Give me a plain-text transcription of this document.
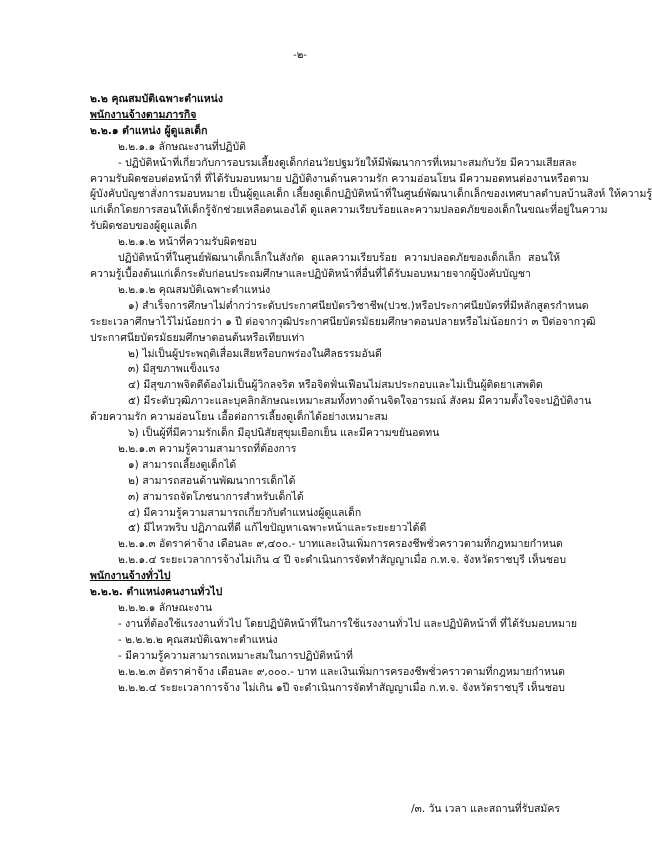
-๒-
๒.๒ คุณสมบัติเฉพาะตำแหน่ง
พนักงานจ้างตามภารกิจ
๒.๒.๑ ตำแหน่ง ผู้ดูแลเด็ก
๒.๒.๑.๑ ลักษณะงานที่ปฏิบัติ
- ปฏิบัติหน้าที่เกี่ยวกับการอบรมเลี้ยงดูเด็กก่อนวัยปฐมวัยให้มีพัฒนาการที่เหมาะสมกับวัย มีความเสียสละ
ความรับผิดชอบต่อหน้าที่ ที่ได้รับมอบหมาย ปฏิบัติงานด้านความรัก ความอ่อนโยน มีความอดทนต่องานหรือตาม
ผู้บังคับบัญชาสั่งการมอบหมาย เป็นผู้ดูแลเด็ก เลี้ยงดูเด็กปฏิบัติหน้าที่ในศูนย์พัฒนาเด็กเล็กของเทศบาลตำบลบ้านสิงห์ ให้ความรู้
แก่เด็กโดยการสอนให้เด็กรู้จักช่วยเหลือตนเองได้ ดูแลความเรียบร้อยและความปลอดภัยของเด็กในขณะที่อยู่ในความ
รับผิดชอบของผู้ดูแลเด็ก
๒.๒.๑.๒ หน้าที่ความรับผิดชอบ
ปฏิบัติหน้าที่ในศูนย์พัฒนาเด็กเล็กในสังกัด ดูแลความเรียบร้อย ความปลอดภัยของเด็กเล็ก สอนให้
ความรู้เบื้องต้นแก่เด็กระดับก่อนประถมศึกษาและปฏิบัติหน้าที่อื่นที่ได้รับมอบหมายจากผู้บังคับบัญชา
๒.๒.๑.๒ คุณสมบัติเฉพาะตำแหน่ง
๑) สำเร็จการศึกษาไม่ต่ำกว่าระดับประกาศนียบัตรวิชาชีพ(ปวช.)หรือประกาศนียบัตรที่มีหลักสูตรกำหนด
ระยะเวลาศึกษาไว้ไม่น้อยกว่า ๑ ปี ต่อจากวุฒิประกาศนียบัตรมัธยมศึกษาตอนปลายหรือไม่น้อยกว่า ๓ ปีต่อจากวุฒิ
ประกาศนียบัตรมัธยมศึกษาตอนต้นหรือเทียบเท่า
๒) ไม่เป็นผู้ประพฤติเสื่อมเสียหรือบกพร่องในศีลธรรมอันดี
๓) มีสุขภาพแข็งแรง
๔) มีสุขภาพจิตดีต้องไม่เป็นผู้วิกลจริต หรือจิตฟั่นเฟือนไม่สมประกอบและไม่เป็นผู้ติดยาเสพติด
๕) มีระดับวุฒิภาวะและบุคลิกลักษณะเหมาะสมทั้งทางด้านจิตใจอารมณ์ สังคม มีความตั้งใจจะปฏิบัติงาน
ด้วยความรัก ความอ่อนโยน เอื้อต่อการเลี้ยงดูเด็กได้อย่างเหมาะสม
๖) เป็นผู้ที่มีความรักเด็ก มีอุปนิสัยสุขุมเยือกเย็น และมีความขยันอดทน
๒.๒.๑.๓ ความรู้ความสามารถที่ต้องการ
๑) สามารถเลี้ยงดูเด็กได้
๒) สามารถสอนด้านพัฒนาการเด็กได้
๓) สามารถจัดโภชนาการสำหรับเด็กได้
๔) มีความรู้ความสามารถเกี่ยวกับตำแหน่งผู้ดูแลเด็ก
๕) มีไหวพริบ ปฏิภาณที่ดี แก้ไขปัญหาเฉพาะหน้าและระยะยาวได้ดี
๒.๒.๑.๓ อัตราค่าจ้าง เดือนละ ๙,๔๐๐.- บาทและเงินเพิ่มการครองชีพชั่วคราวตามที่กฎหมายกำหนด
๒.๒.๑.๔ ระยะเวลาการจ้างไม่เกิน ๔ ปี จะดำเนินการจัดทำสัญญาเมื่อ ก.ท.จ. จังหวัดราชบุรี เห็นชอบ
พนักงานจ้างทั่วไป
๒.๒.๒. ตำแหน่งคนงานทั่วไป
๒.๒.๒.๑ ลักษณะงาน
- งานที่ต้องใช้แรงงานทั่วไป โดยปฏิบัติหน้าที่ในการใช้แรงงานทั่วไป และปฏิบัติหน้าที่ ที่ได้รับมอบหมาย
- ๒.๒.๒.๒ คุณสมบัติเฉพาะตำแหน่ง
- มีความรู้ความสามารถเหมาะสมในการปฏิบัติหน้าที่
๒.๒.๒.๓ อัตราค่าจ้าง เดือนละ ๙,๐๐๐.- บาท และเงินเพิ่มการครองชีพชั่วคราวตามที่กฎหมายกำหนด
๒.๒.๒.๔ ระยะเวลาการจ้าง ไม่เกิน ๑ปี จะดำเนินการจัดทำสัญญาเมื่อ ก.ท.จ. จังหวัดราชบุรี เห็นชอบ
/๓. วัน เวลา และสถานที่รับสมัคร
